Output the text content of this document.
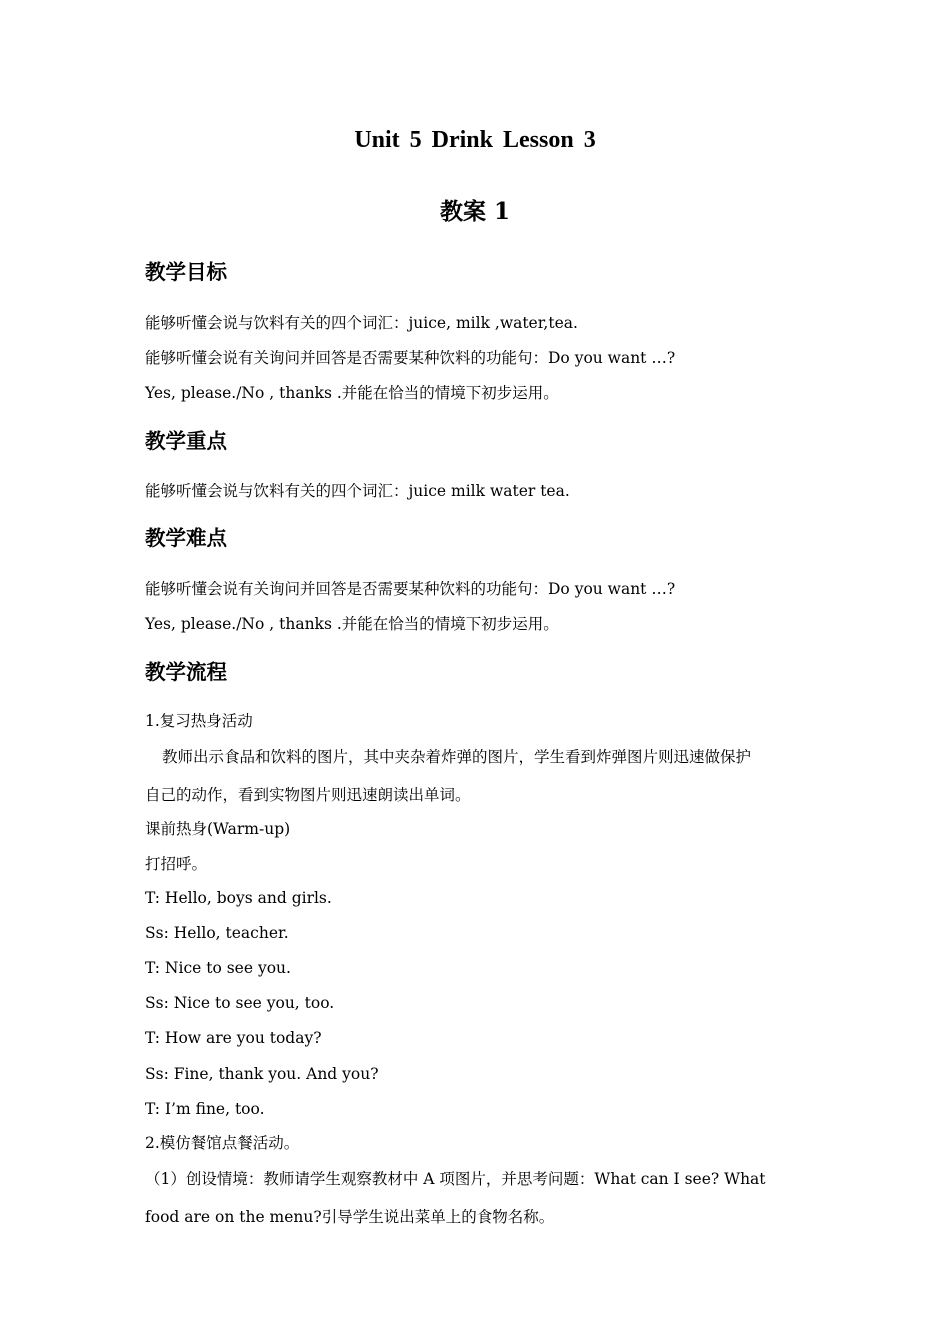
Unit 5 Drink Lesson 3
教案 1
教学目标
能够听懂会说与饮料有关的四个词汇：juice, milk ,water,tea.
能够听懂会说有关询问并回答是否需要某种饮料的功能句：Do you want …?
Yes, please./No , thanks .并能在恰当的情境下初步运用。
教学重点
能够听懂会说与饮料有关的四个词汇：juice milk water tea.
教学难点
能够听懂会说有关询问并回答是否需要某种饮料的功能句：Do you want …?
Yes, please./No , thanks .并能在恰当的情境下初步运用。
教学流程
1.复习热身活动
教师出示食品和饮料的图片，其中夹杂着炸弹的图片，学生看到炸弹图片则迅速做保护
自己的动作，看到实物图片则迅速朗读出单词。
课前热身(Warm-up)
打招呼。
T: Hello, boys and girls.
Ss: Hello, teacher.
T: Nice to see you.
Ss: Nice to see you, too.
T: How are you today?
Ss: Fine, thank you. And you?
T: I’m fine, too.
2.模仿餐馆点餐活动。
（1）创设情境：教师请学生观察教材中 A 项图片，并思考问题：What can I see? What
food are on the menu?引导学生说出菜单上的食物名称。
